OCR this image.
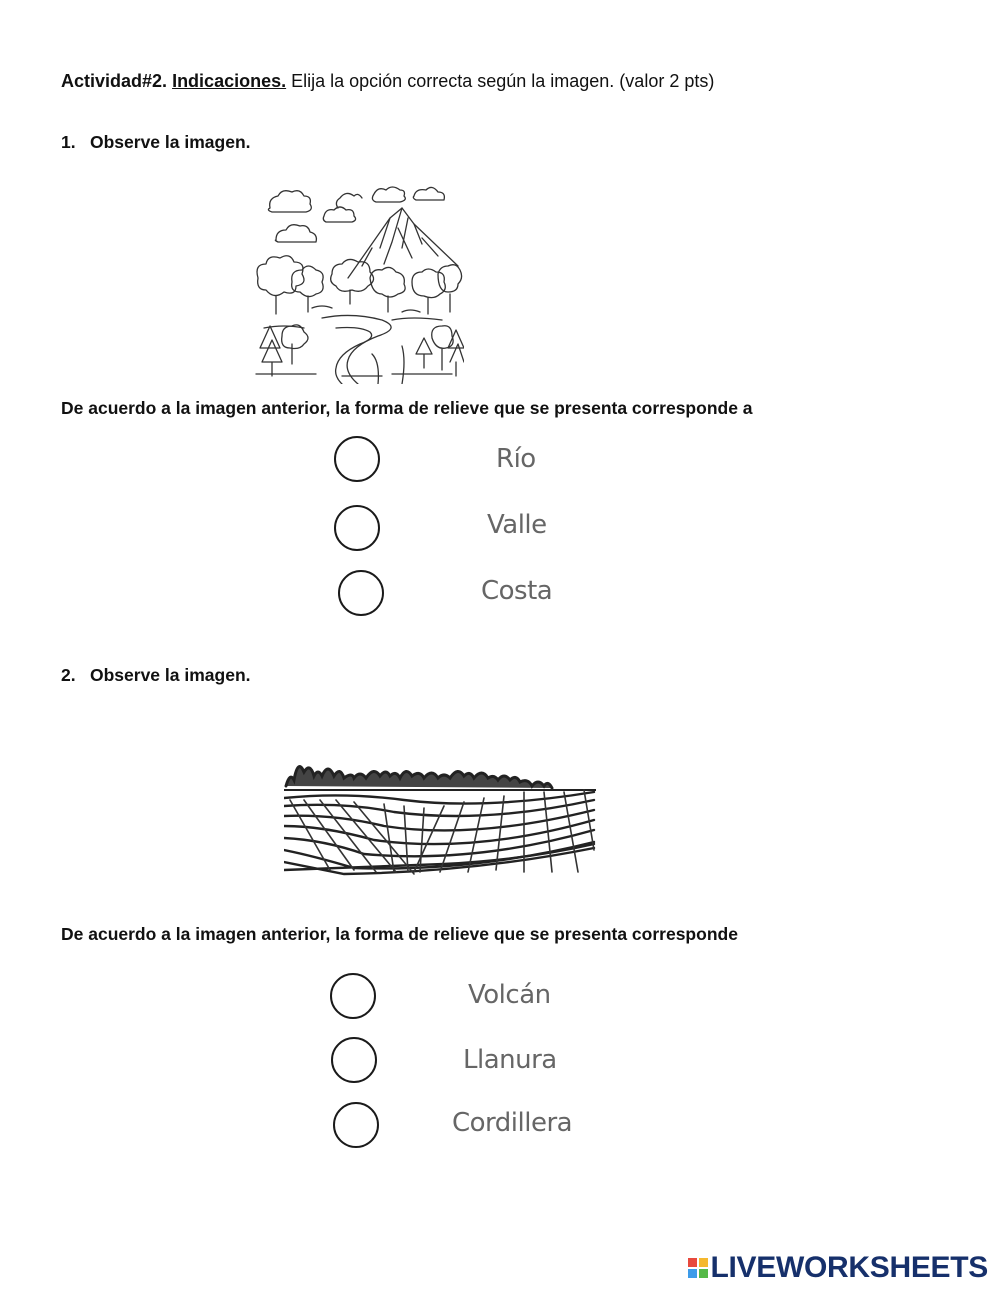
Actividad#2. Indicaciones. Elija la opción correcta según la imagen. (valor 2 pts)
1. Observe la imagen.
De acuerdo a la imagen anterior, la forma de relieve que se presenta corresponde a
Río
Valle
Costa
2. Observe la imagen.
De acuerdo a la imagen anterior, la forma de relieve que se presenta corresponde
Volcán
Llanura
Cordillera
LIVEWORKSHEETS
